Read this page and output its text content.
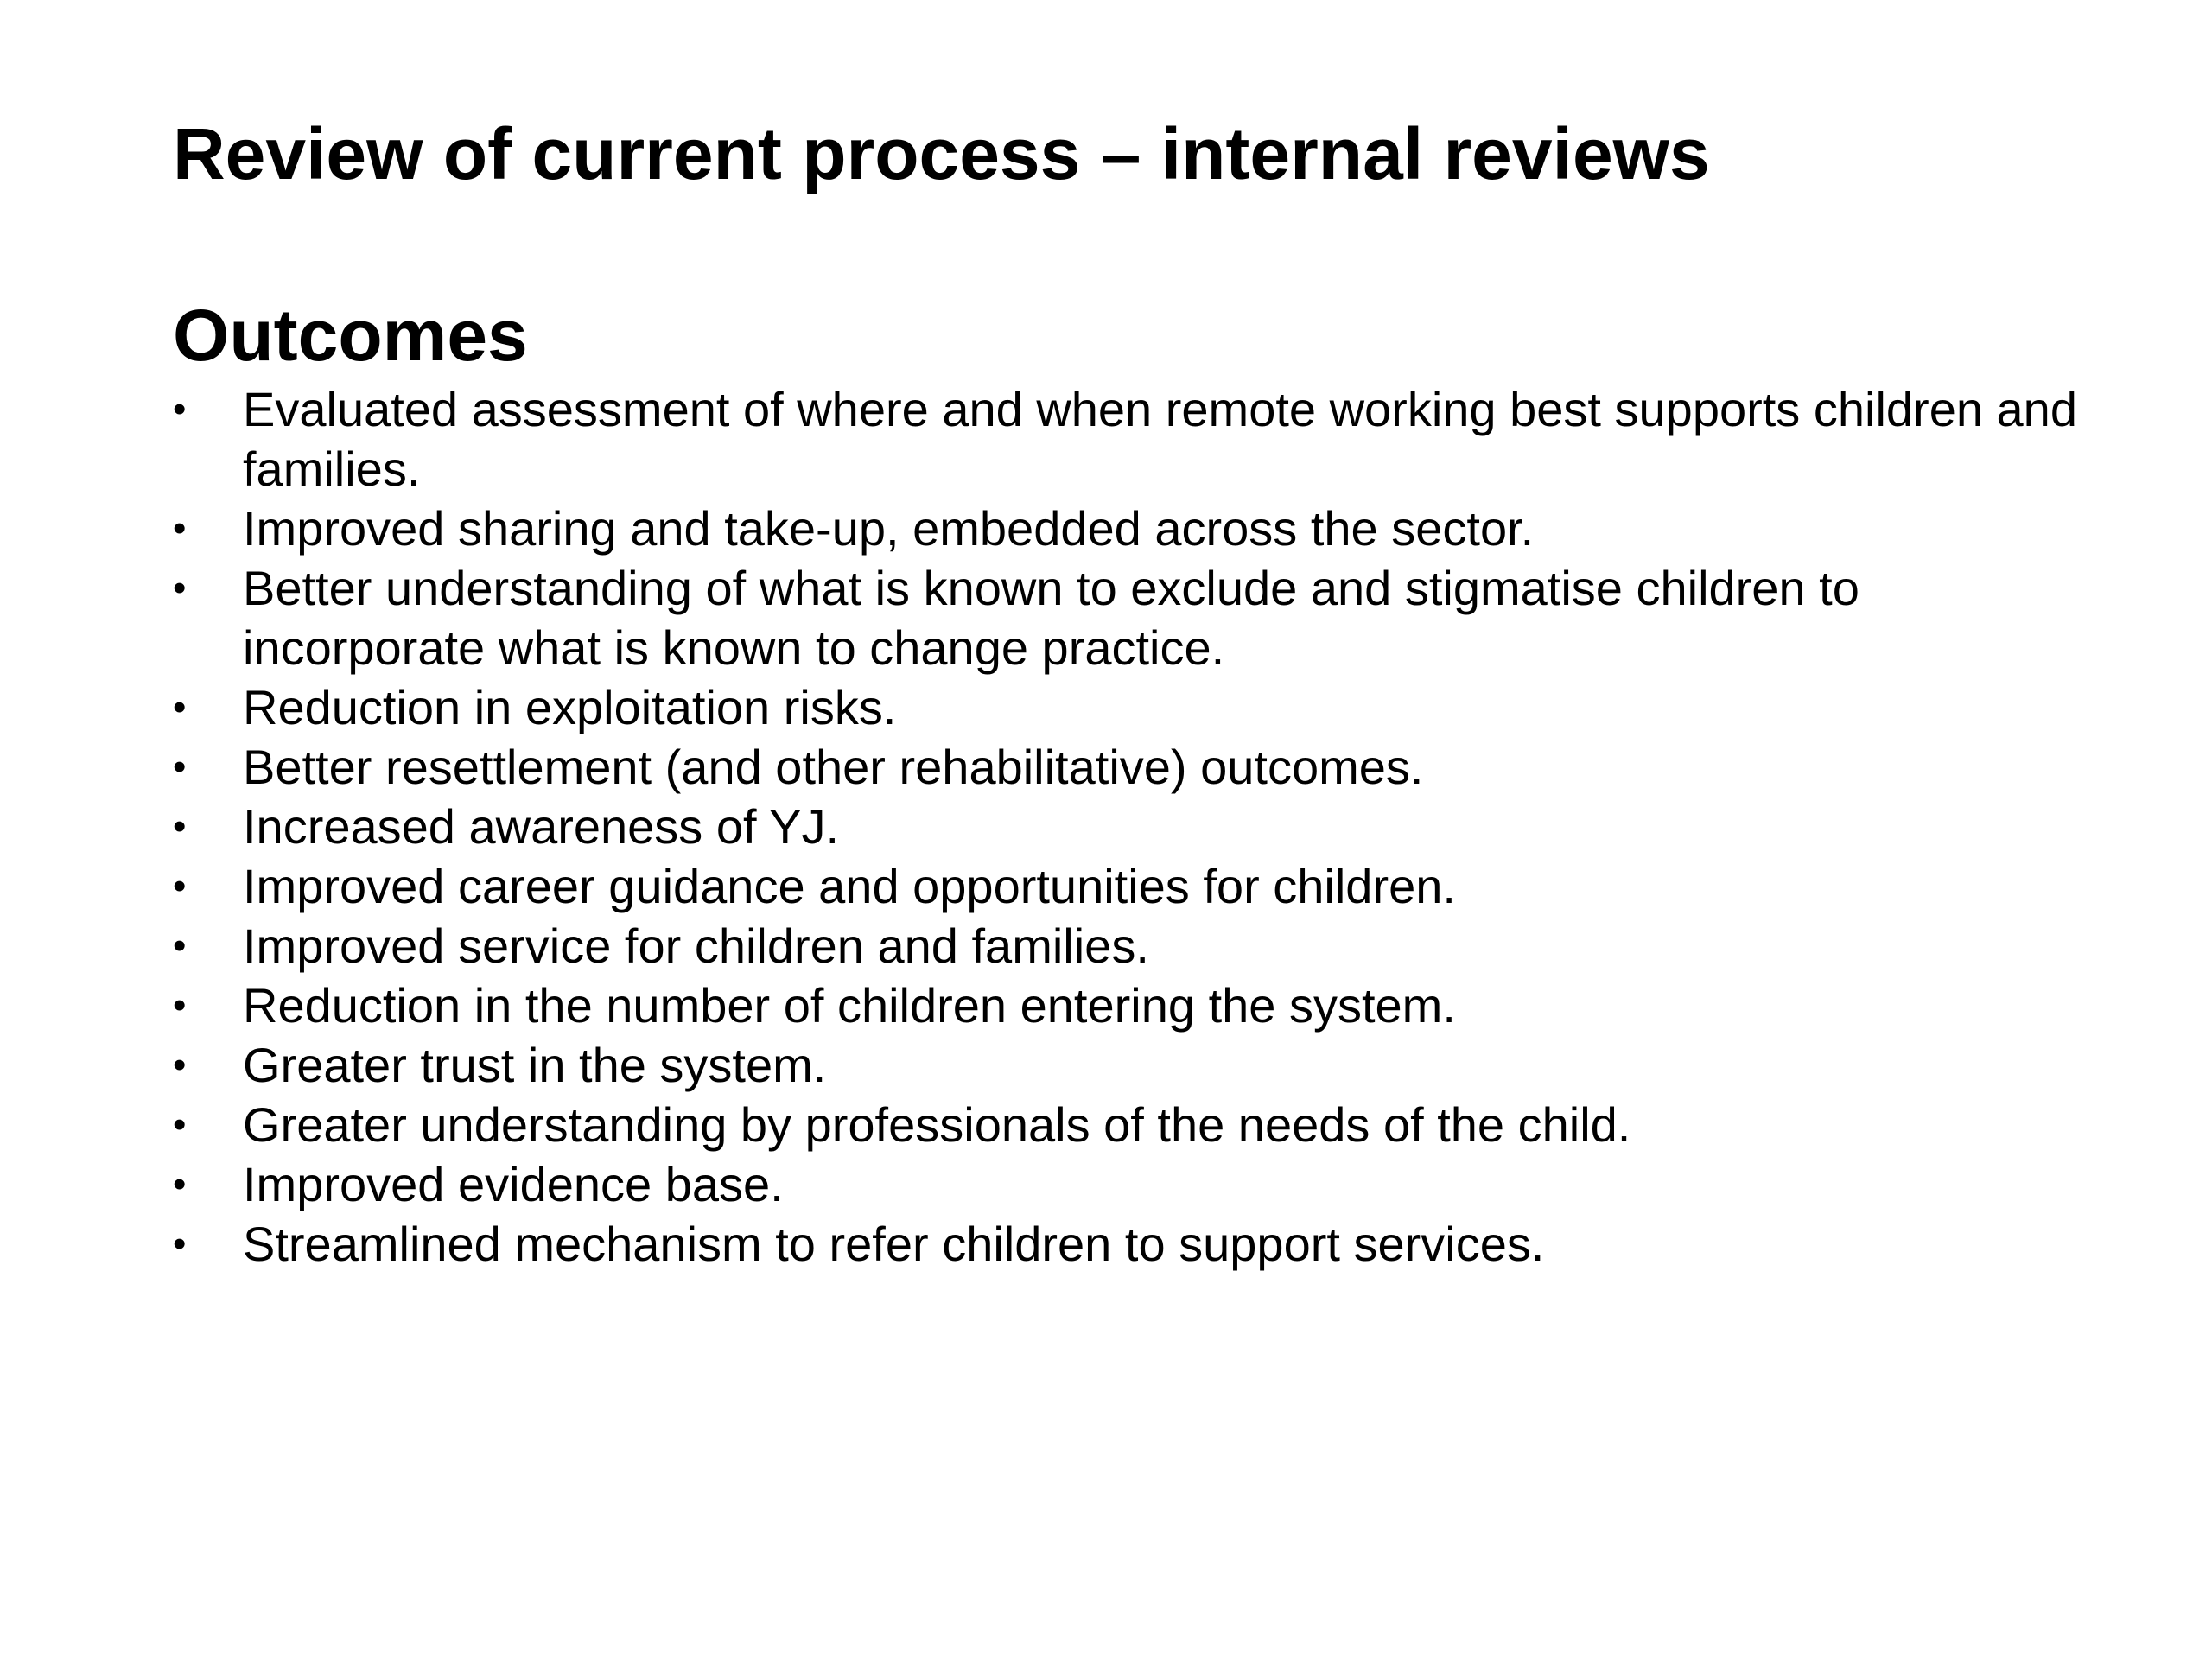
Review of current process – internal reviews
Outcomes
•	Evaluated assessment of where and when remote working best supports children and families.
•	Improved sharing and take-up, embedded across the sector.
•	Better understanding of what is known to exclude and stigmatise children to incorporate what is known to change practice.
•	Reduction in exploitation risks.
•	Better resettlement (and other rehabilitative) outcomes.
•	Increased awareness of YJ.
•	Improved career guidance and opportunities for children.
•	Improved service for children and families.
•	Reduction in the number of children entering the system.
•	Greater trust in the system.
•	Greater understanding by professionals of the needs of the child.
•	Improved evidence base.
•	Streamlined mechanism to refer children to support services.
